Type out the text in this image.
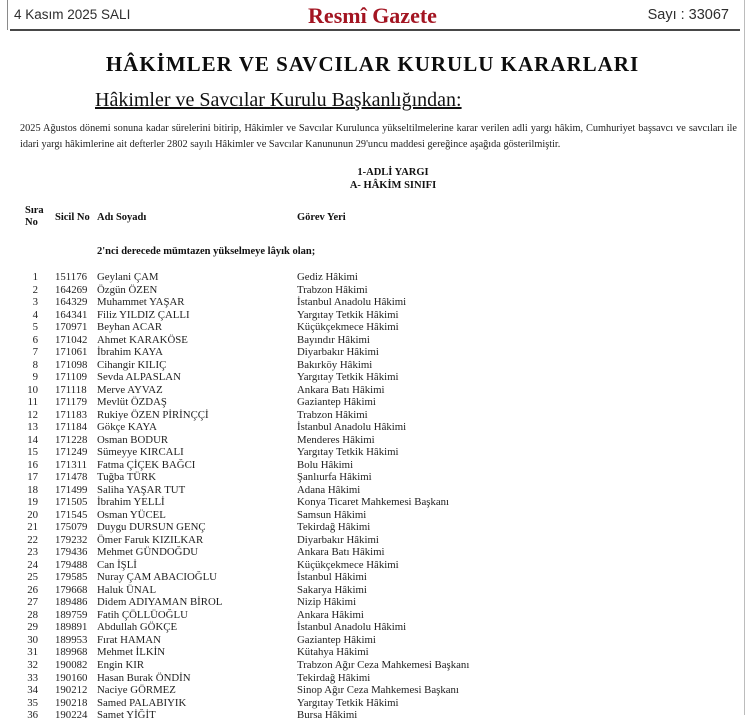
4 Kasım 2025 SALI	Resmî Gazete	Sayı : 33067
HÂKİMLER VE SAVCILAR KURULU KARARLARI
Hâkimler ve Savcılar Kurulu Başkanlığından:
2025 Ağustos dönemi sonuna kadar sürelerini bitirip, Hâkimler ve Savcılar Kurulunca yükseltilmelerine karar verilen adli yargı hâkim, Cumhuriyet başsavcı ve savcıları ile idari yargı hâkimlerine ait defterler 2802 sayılı Hâkimler ve Savcılar Kanununun 29'uncu maddesi gereğince aşağıda gösterilmiştir.
1-ADLİ YARGI
A- HÂKİM SINIFI
Sıra
No	Sicil No Adı Soyadı	Görev Yeri
2'nci derecede mümtazen yükselmeye lâyık olan;
1 151176 Geylani ÇAM	Gediz Hâkimi
2 164269 Özgün ÖZEN	Trabzon Hâkimi
3 164329 Muhammet YAŞAR	İstanbul Anadolu Hâkimi
4 164341 Filiz YILDIZ ÇALLI	Yargıtay Tetkik Hâkimi
5 170971 Beyhan ACAR	Küçükçekmece Hâkimi
6 171042 Ahmet KARAKÖSE	Bayındır Hâkimi
7 171061 İbrahim KAYA	Diyarbakır Hâkimi
8 171098 Cihangir KILIÇ	Bakırköy Hâkimi
9 171109 Sevda ALPASLAN	Yargıtay Tetkik Hâkimi
10 171118 Merve AYVAZ	Ankara Batı Hâkimi
11 171179 Mevlüt ÖZDAŞ	Gaziantep Hâkimi
12 171183 Rukiye ÖZEN PİRİNÇÇİ	Trabzon Hâkimi
13 171184 Gökçe KAYA	İstanbul Anadolu Hâkimi
14 171228 Osman BODUR	Menderes Hâkimi
15 171249 Sümeyye KIRCALI	Yargıtay Tetkik Hâkimi
16 171311 Fatma ÇİÇEK BAĞCI	Bolu Hâkimi
17 171478 Tuğba TÜRK	Şanlıurfa Hâkimi
18 171499 Saliha YAŞAR TUT	Adana Hâkimi
19 171505 İbrahim YELLİ	Konya Ticaret Mahkemesi Başkanı
20 171545 Osman YÜCEL	Samsun Hâkimi
21 175079 Duygu DURSUN GENÇ	Tekirdağ Hâkimi
22 179232 Ömer Faruk KIZILKAR	Diyarbakır Hâkimi
23 179436 Mehmet GÜNDOĞDU	Ankara Batı Hâkimi
24 179488 Can İŞLİ	Küçükçekmece Hâkimi
25 179585 Nuray ÇAM ABACIOĞLU	İstanbul Hâkimi
26 179668 Haluk ÜNAL	Sakarya Hâkimi
27 189486 Didem ADIYAMAN BİROL	Nizip Hâkimi
28 189759 Fatih ÇÖLLÜOĞLU	Ankara Hâkimi
29 189891 Abdullah GÖKÇE	İstanbul Anadolu Hâkimi
30 189953 Fırat HAMAN	Gaziantep Hâkimi
31 189968 Mehmet İLKİN	Kütahya Hâkimi
32 190082 Engin KIR	Trabzon Ağır Ceza Mahkemesi Başkanı
33 190160 Hasan Burak ÖNDİN	Tekirdağ Hâkimi
34 190212 Naciye GÖRMEZ	Sinop Ağır Ceza Mahkemesi Başkanı
35 190218 Samed PALABIYIK	Yargıtay Tetkik Hâkimi
36 190224 Samet YİĞİT	Bursa Hâkimi
